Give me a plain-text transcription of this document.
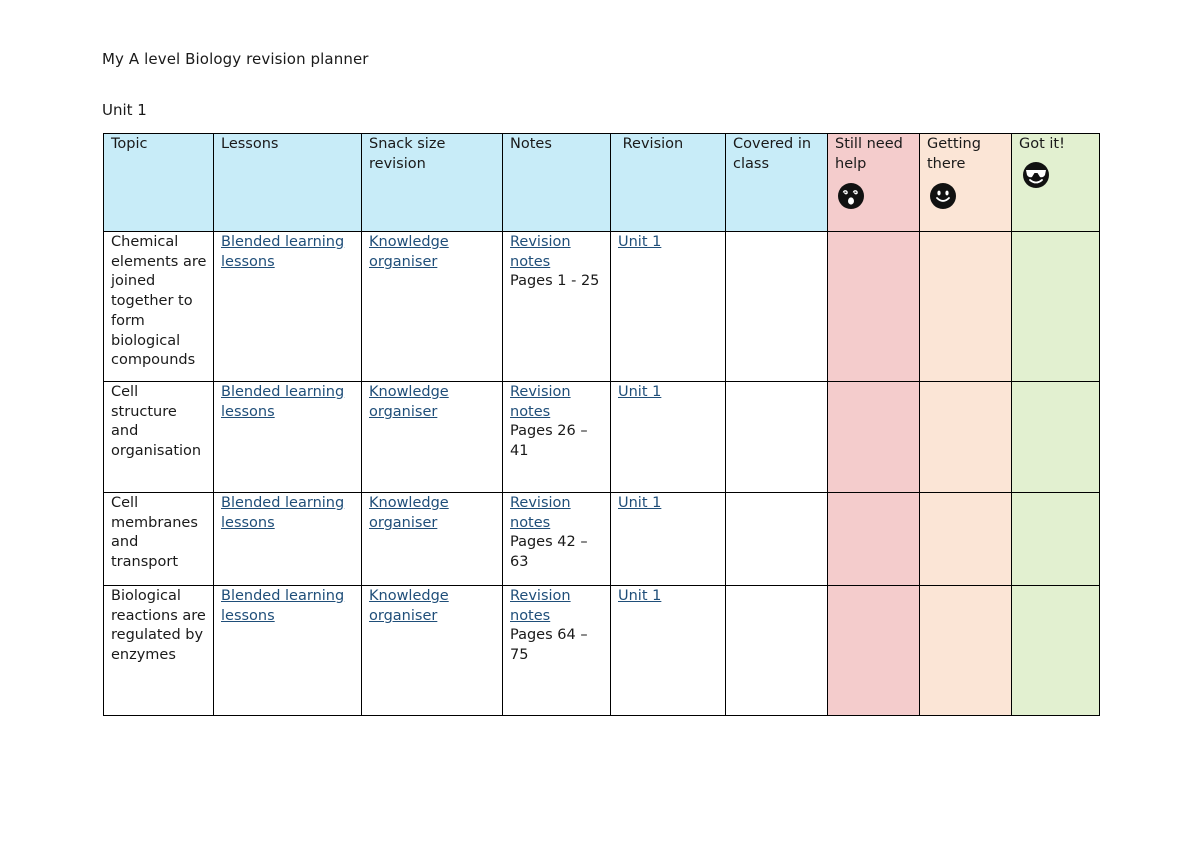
My A level Biology revision planner
Unit 1
Topic	Lessons	Snack size revision	Notes	Revision	Covered in class	Still need help	Getting there	Got it!

Chemical elements are joined together to form biological compounds	Blended learning lessons	Knowledge organiser	Revision notes
Pages 1 - 25	Unit 1				
Cell structure and organisation	Blended learning lessons	Knowledge organiser	Revision notes
Pages 26 – 41	Unit 1				
Cell membranes and transport	Blended learning lessons	Knowledge organiser	Revision notes
Pages 42 – 63	Unit 1				
Biological reactions are regulated by enzymes	Blended learning lessons	Knowledge organiser	Revision notes
Pages 64 – 75	Unit 1				
